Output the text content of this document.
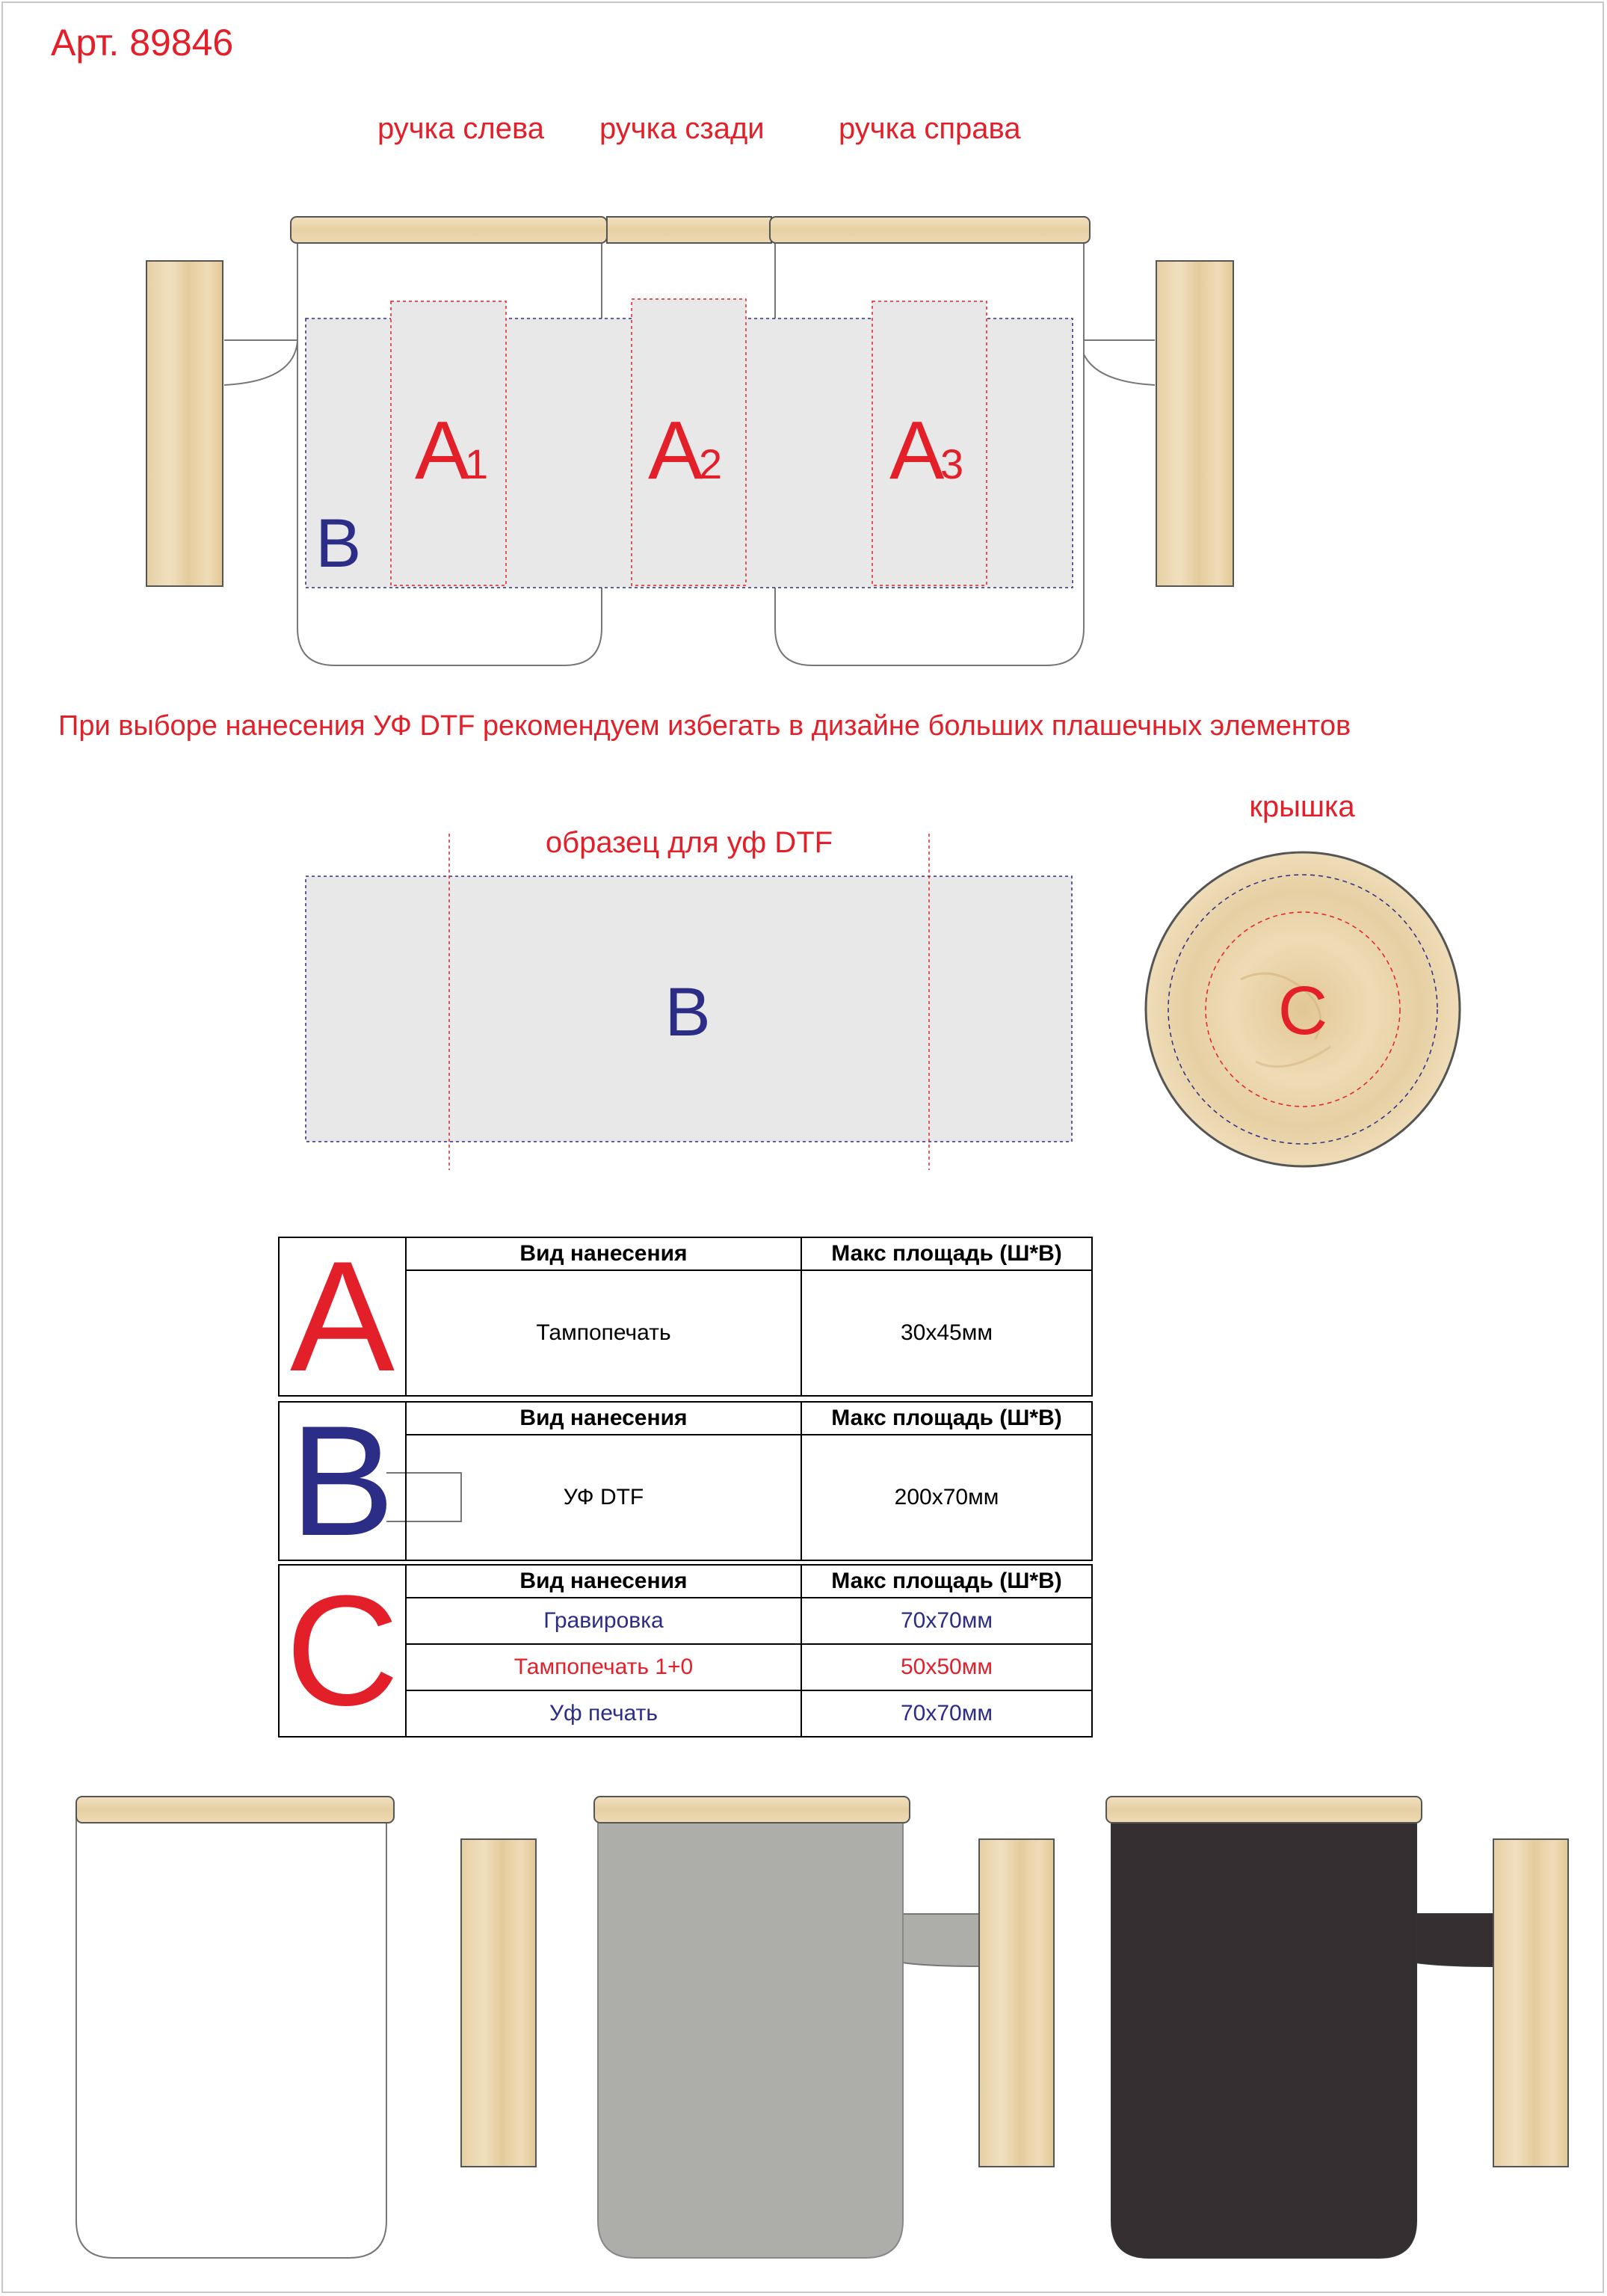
Арт. 89846
ручка слева ручка сзади ручка справа
A
1 A
2 A
3
B
образец для уф DTF
B
крышка
C
При выборе нанесения УФ DTF рекомендуем избегать в дизайне больших плашечных элементов
A	Вид нанесения	Макс площадь (Ш*В)
	Тампопечать	30x45мм
B	Вид нанесения	Макс площадь (Ш*В)
	УФ DTF	200x70мм
C	Вид нанесения	Макс площадь (Ш*В)
	Гравировка	70x70мм
	Тампопечать 1+0	50x50мм
	Уф печать	70x70мм
